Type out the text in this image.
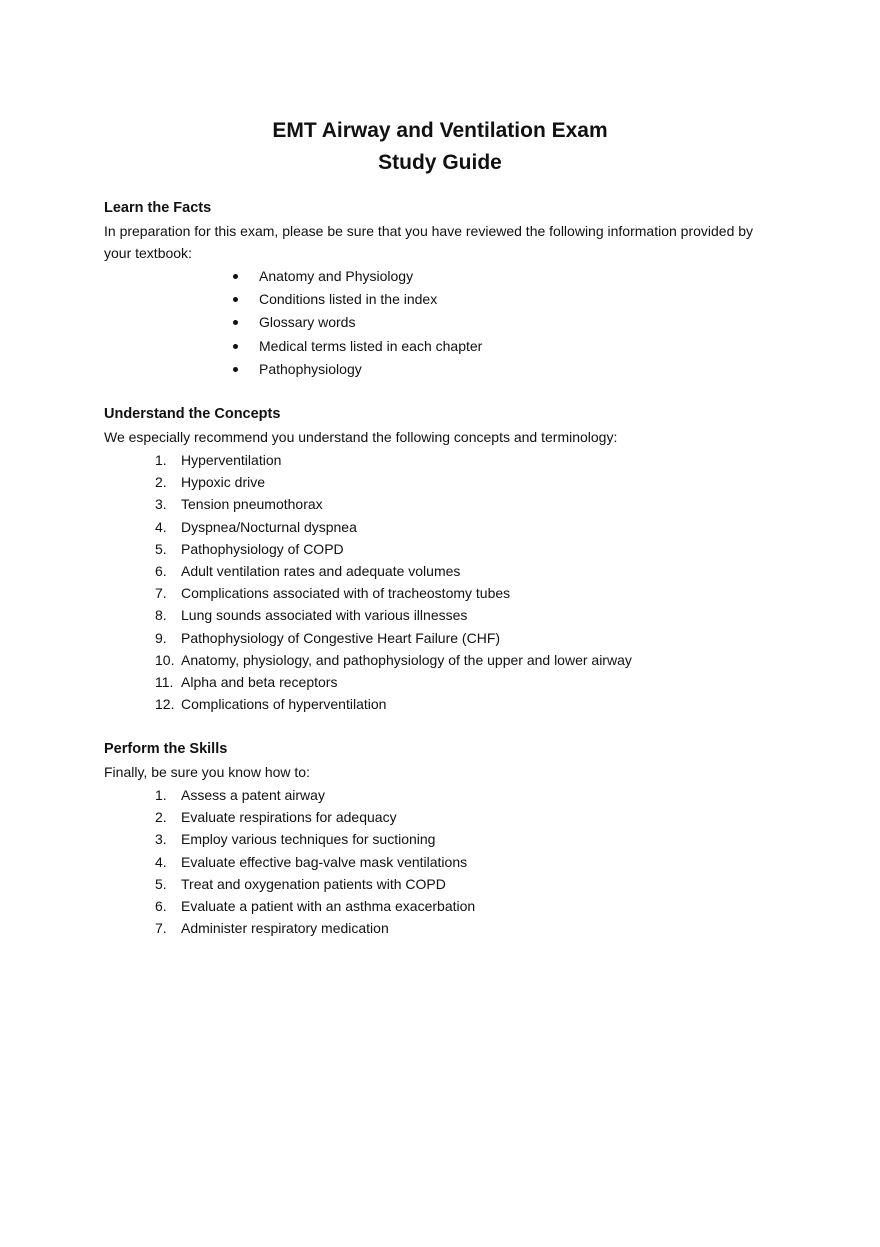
EMT Airway and Ventilation Exam
Study Guide
Learn the Facts
In preparation for this exam, please be sure that you have reviewed the following information provided by your textbook:
Anatomy and Physiology
Conditions listed in the index
Glossary words
Medical terms listed in each chapter
Pathophysiology
Understand the Concepts
We especially recommend you understand the following concepts and terminology:
1. Hyperventilation
2. Hypoxic drive
3. Tension pneumothorax
4. Dyspnea/Nocturnal dyspnea
5. Pathophysiology of COPD
6. Adult ventilation rates and adequate volumes
7. Complications associated with of tracheostomy tubes
8. Lung sounds associated with various illnesses
9. Pathophysiology of Congestive Heart Failure (CHF)
10. Anatomy, physiology, and pathophysiology of the upper and lower airway
11. Alpha and beta receptors
12. Complications of hyperventilation
Perform the Skills
Finally, be sure you know how to:
1. Assess a patent airway
2. Evaluate respirations for adequacy
3. Employ various techniques for suctioning
4. Evaluate effective bag-valve mask ventilations
5. Treat and oxygenation patients with COPD
6. Evaluate a patient with an asthma exacerbation
7. Administer respiratory medication
